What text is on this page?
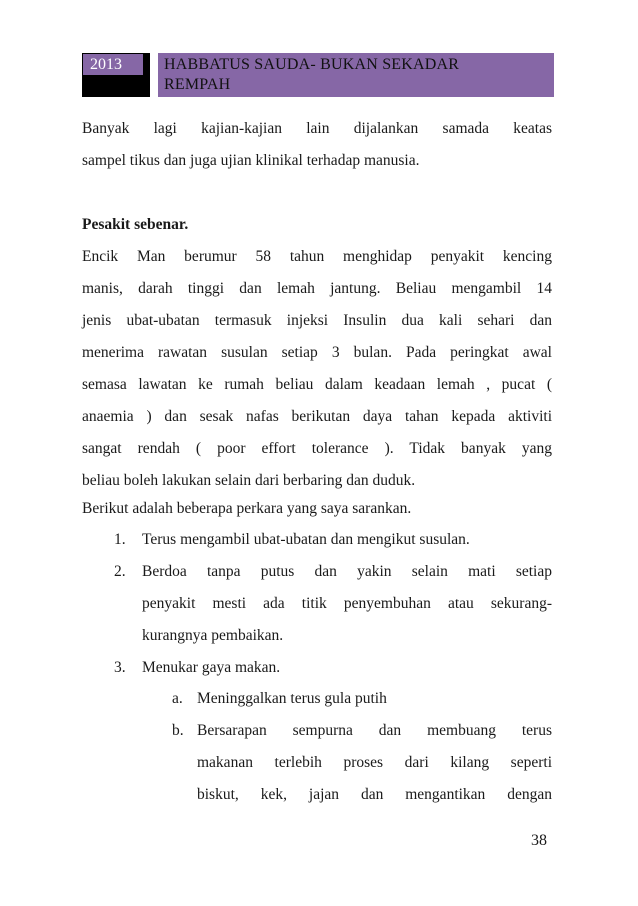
2013	HABBATUS SAUDA- BUKAN SEKADAR
REMPAH
Banyak lagi kajian-kajian lain dijalankan samada keatas
sampel tikus dan juga ujian klinikal terhadap manusia.
Pesakit sebenar.
Encik Man berumur 58 tahun menghidap penyakit kencing
manis, darah tinggi dan lemah jantung. Beliau mengambil 14
jenis ubat-ubatan termasuk injeksi Insulin dua kali sehari dan
menerima rawatan susulan setiap 3 bulan. Pada peringkat awal
semasa lawatan ke rumah beliau dalam keadaan lemah , pucat (
anaemia ) dan sesak nafas berikutan daya tahan kepada aktiviti
sangat rendah ( poor effort tolerance ). Tidak banyak yang
beliau boleh lakukan selain dari berbaring dan duduk.
Berikut adalah beberapa perkara yang saya sarankan.
1. Terus mengambil ubat-ubatan dan mengikut susulan.
2. Berdoa tanpa putus dan yakin selain mati setiap
penyakit mesti ada titik penyembuhan atau sekurang-
kurangnya pembaikan.
3. Menukar gaya makan.
a. Meninggalkan terus gula putih
b. Bersarapan sempurna dan membuang terus
makanan terlebih proses dari kilang seperti
biskut, kek, jajan dan mengantikan dengan
38
